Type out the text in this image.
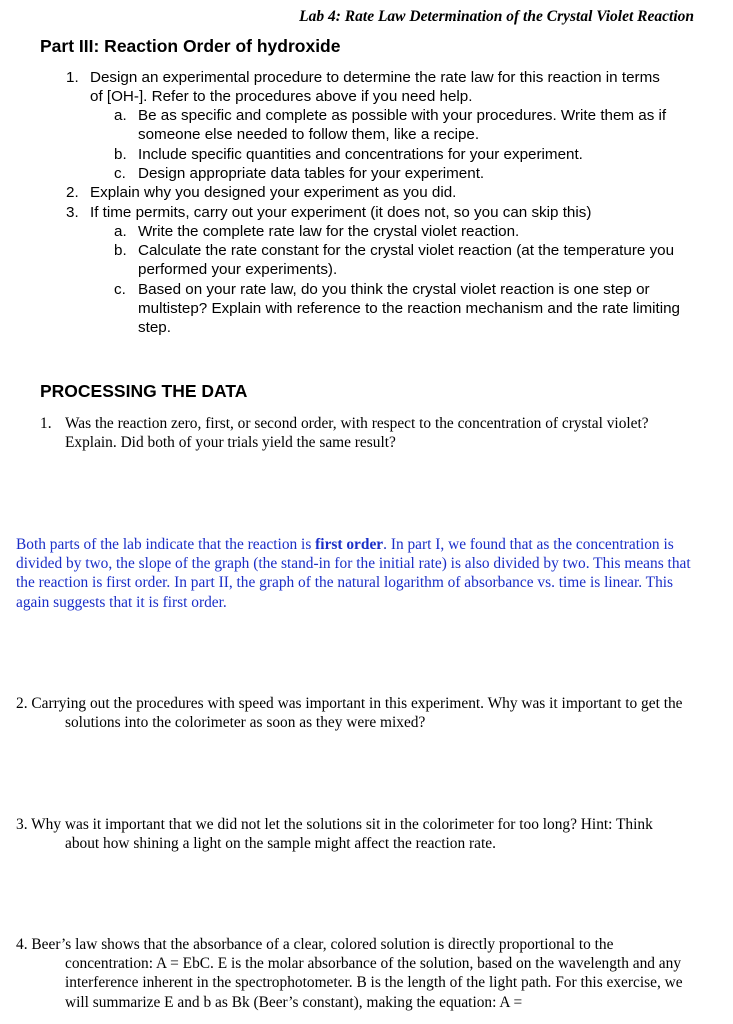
Lab 4: Rate Law Determination of the Crystal Violet Reaction
Part III: Reaction Order of hydroxide
1. Design an experimental procedure to determine the rate law for this reaction in terms of [OH-]. Refer to the procedures above if you need help.
a. Be as specific and complete as possible with your procedures. Write them as if someone else needed to follow them, like a recipe.
b. Include specific quantities and concentrations for your experiment.
c. Design appropriate data tables for your experiment.
2. Explain why you designed your experiment as you did.
3. If time permits, carry out your experiment (it does not, so you can skip this)
a. Write the complete rate law for the crystal violet reaction.
b. Calculate the rate constant for the crystal violet reaction (at the temperature you performed your experiments).
c. Based on your rate law, do you think the crystal violet reaction is one step or multistep? Explain with reference to the reaction mechanism and the rate limiting step.
PROCESSING THE DATA
1. Was the reaction zero, first, or second order, with respect to the concentration of crystal violet? Explain. Did both of your trials yield the same result?
Both parts of the lab indicate that the reaction is first order. In part I, we found that as the concentration is divided by two, the slope of the graph (the stand-in for the initial rate) is also divided by two. This means that the reaction is first order. In part II, the graph of the natural logarithm of absorbance vs. time is linear. This again suggests that it is first order.
2. Carrying out the procedures with speed was important in this experiment. Why was it important to get the solutions into the colorimeter as soon as they were mixed?
3. Why was it important that we did not let the solutions sit in the colorimeter for too long? Hint: Think about how shining a light on the sample might affect the reaction rate.
4. Beer’s law shows that the absorbance of a clear, colored solution is directly proportional to the concentration: A = EbC. E is the molar absorbance of the solution, based on the wavelength and any interference inherent in the spectrophotometer. B is the length of the light path. For this exercise, we will summarize E and b as Bk (Beer’s constant), making the equation: A =
